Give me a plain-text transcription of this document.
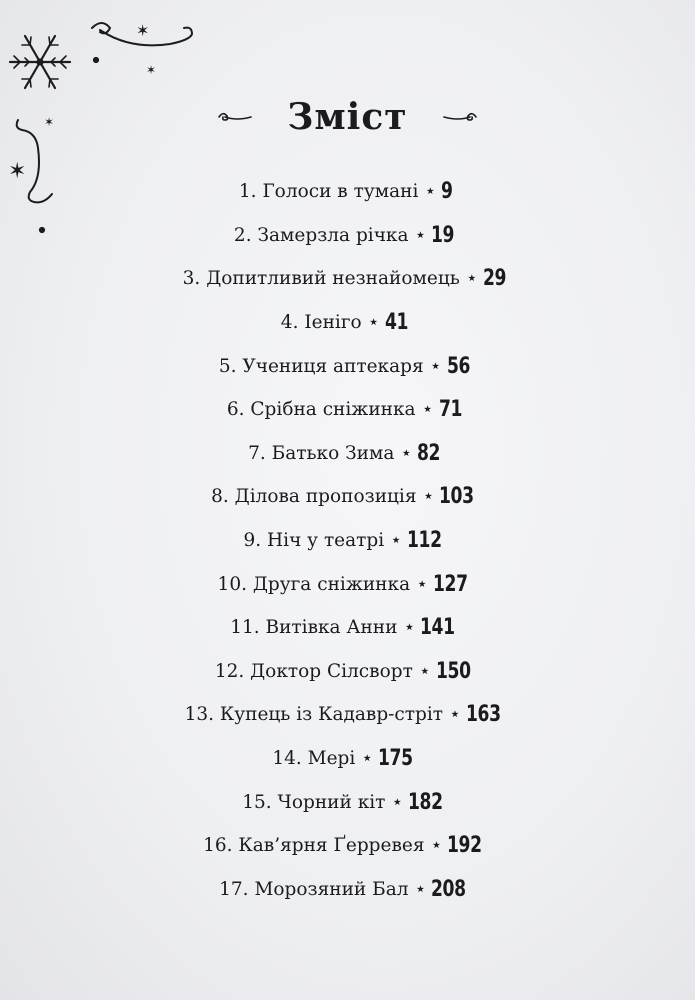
✶
✶
✶
✶
Зміст
1. Голоси в тумані ⋆ 9
2. Замерзла річка ⋆ 19
3. Допитливий незнайомець ⋆ 29
4. Іеніго ⋆ 41
5. Учениця аптекаря ⋆ 56
6. Срібна сніжинка ⋆ 71
7. Батько Зима ⋆ 82
8. Ділова пропозиція ⋆ 103
9. Ніч у театрі ⋆ 112
10. Друга сніжинка ⋆ 127
11. Витівка Анни ⋆ 141
12. Доктор Сілсворт ⋆ 150
13. Купець із Кадавр-стріт ⋆ 163
14. Мері ⋆ 175
15. Чорний кіт ⋆ 182
16. Кав’ярня Ґерревея ⋆ 192
17. Морозяний Бал ⋆ 208
